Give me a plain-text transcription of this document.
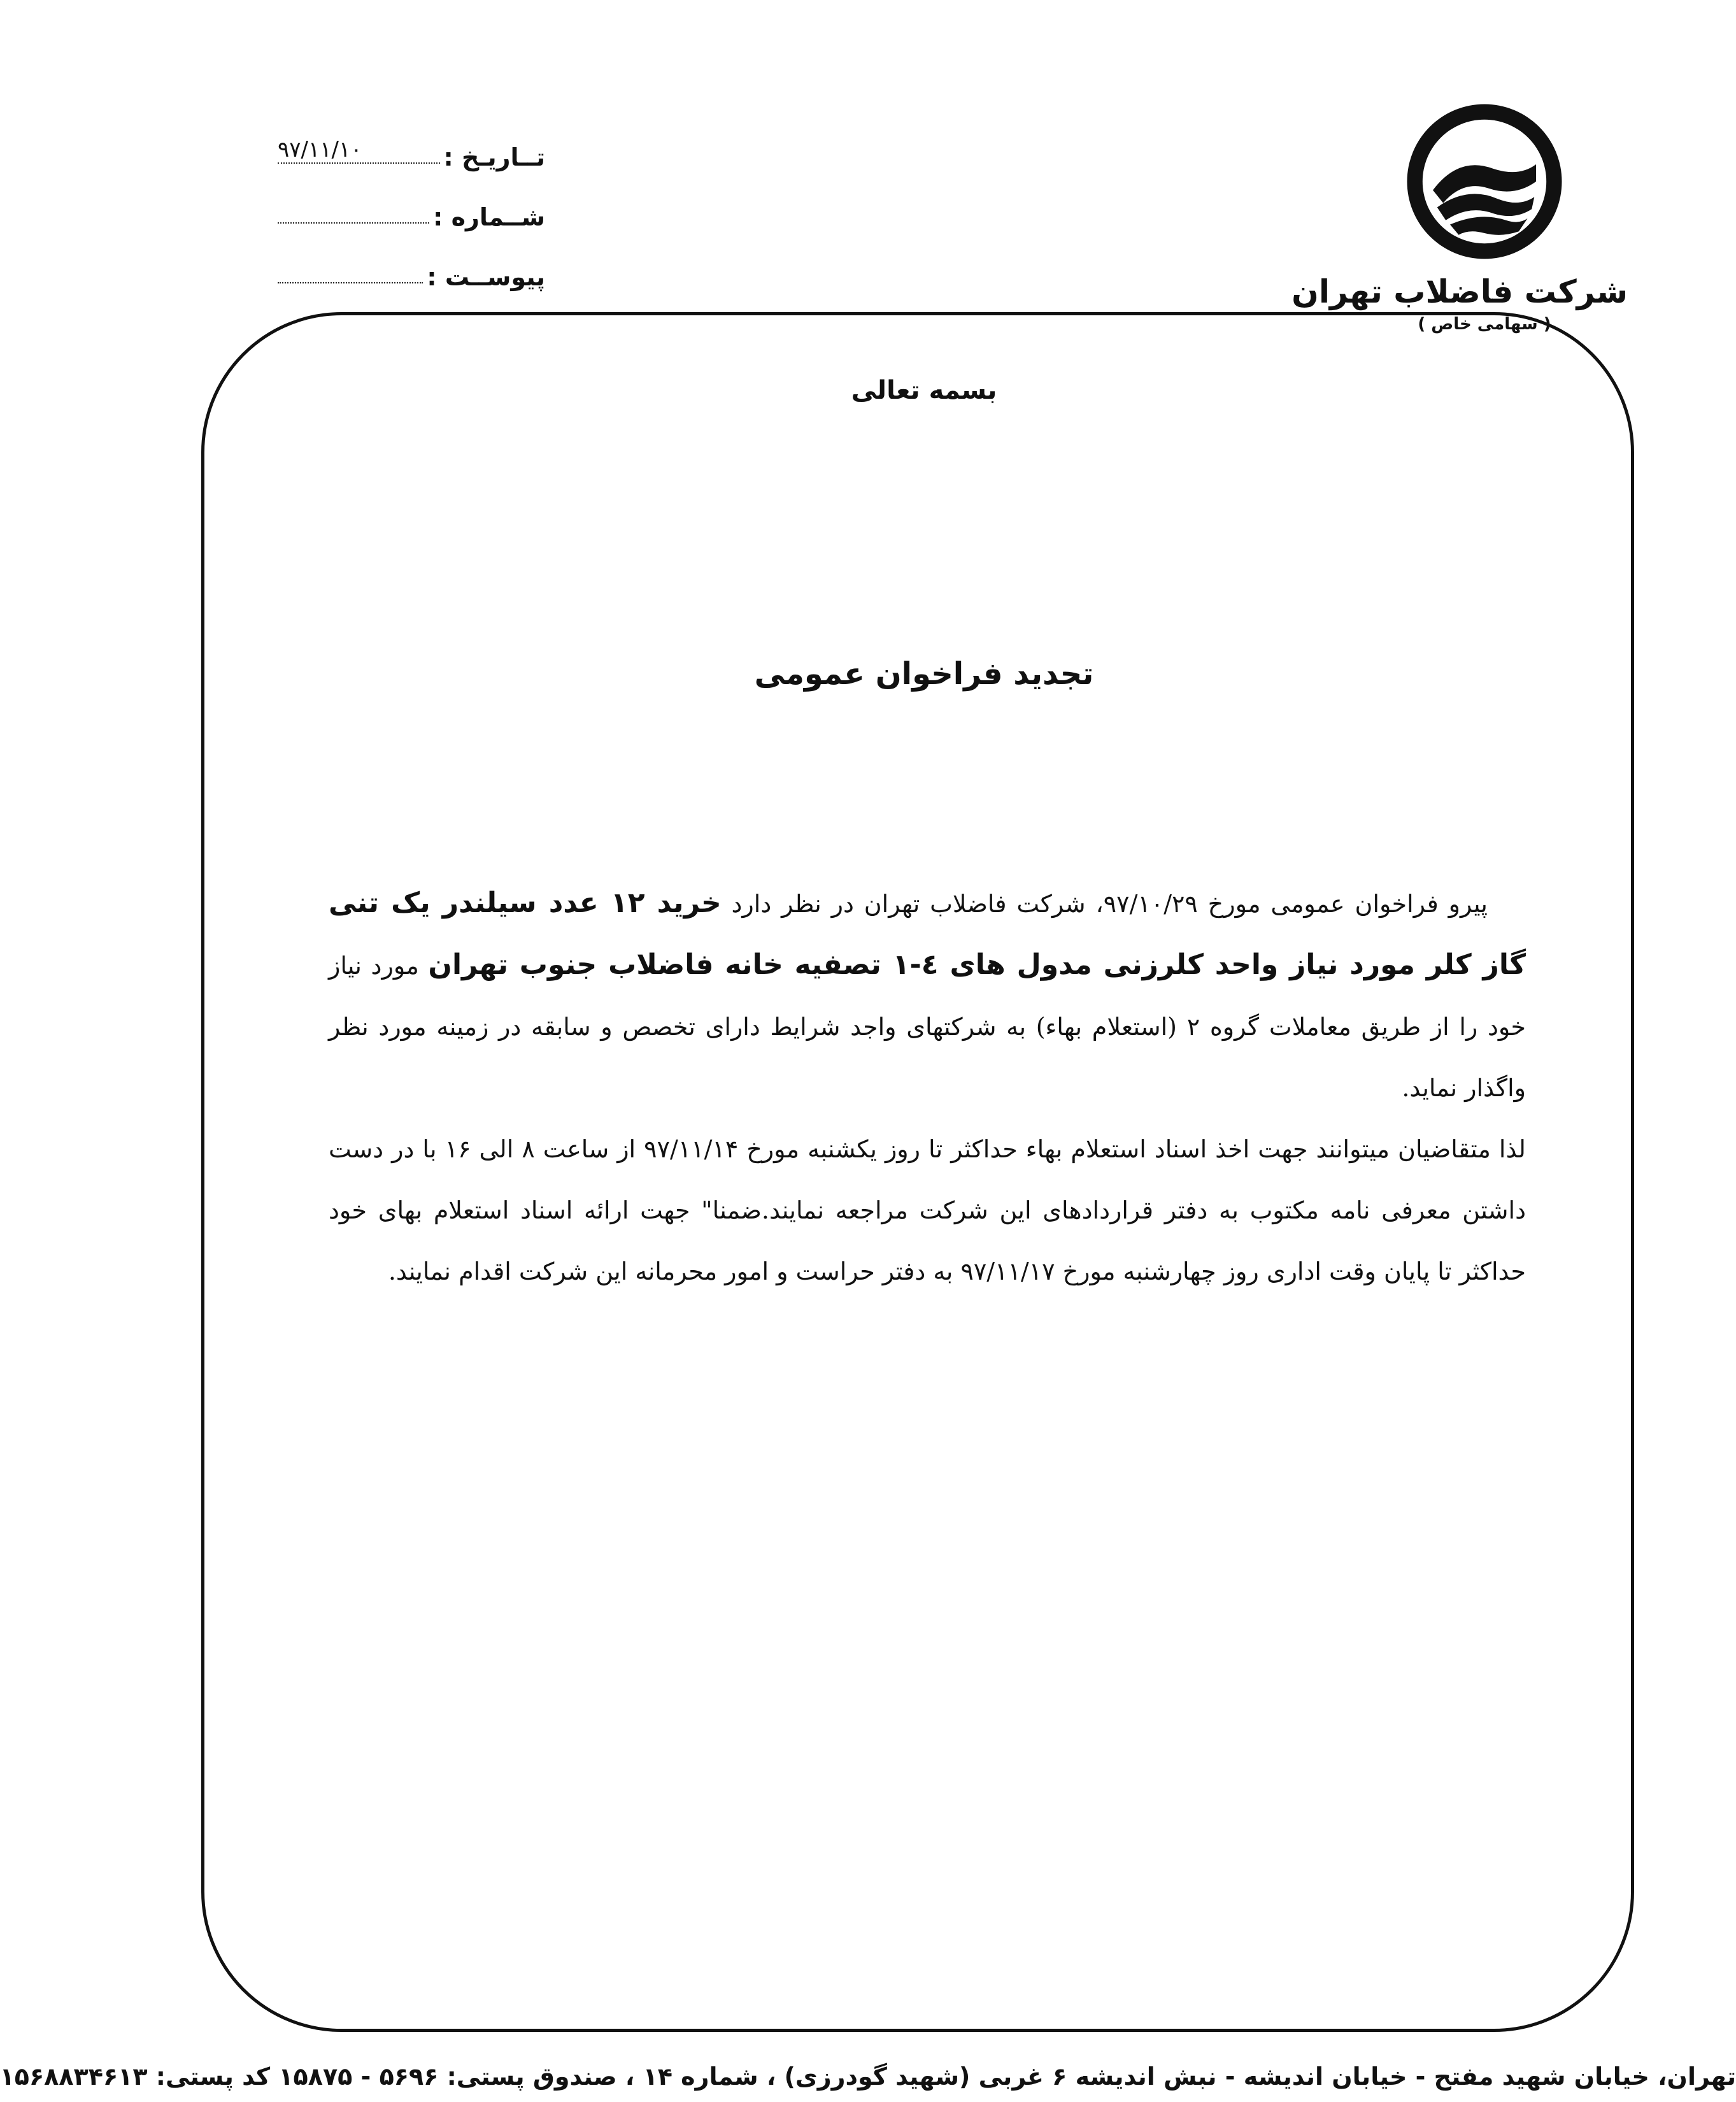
شرکت فاضلاب تهران
( سهامی خاص )
تــاریـخ :
۹۷/۱۱/۱۰
شــماره :
پیوســت :
بسمه تعالی
تجدید فراخوان عمومی

پیرو فراخوان عمومی مورخ ۹۷/۱۰/۲۹، شرکت فاضلاب تهران در نظر دارد خرید ۱۲ عدد سیلندر یک تنی گاز کلر مورد نیاز واحد کلرزنی مدول های ٤-۱ تصفیه خانه فاضلاب جنوب تهران مورد نیاز خود را از طریق معاملات گروه ۲ (استعلام بهاء) به شرکتهای واجد شرایط دارای تخصص و سابقه در زمینه مورد نظر واگذار نماید.

لذا متقاضیان میتوانند جهت اخذ اسناد استعلام بهاء حداکثر تا روز یکشنبه مورخ ۹۷/۱۱/۱۴ از ساعت ۸ الی ۱۶ با در دست داشتن معرفی نامه مکتوب به دفتر قراردادهای این شرکت مراجعه نمایند.ضمنا" جهت ارائه اسناد استعلام بهای خود حداکثر تا پایان وقت اداری روز چهارشنبه مورخ ۹۷/۱۱/۱۷ به دفتر حراست و امور محرمانه این شرکت اقدام نمایند.

تهران، خیابان شهید مفتح - خیابان اندیشه - نبش اندیشه ۶ غربی (شهید گودرزی) ، شماره ۱۴ ، صندوق پستی: ۵۶۹۶ - ۱۵۸۷۵ کد پستی: ۱۵۶۸۸۳۴۶۱۳
